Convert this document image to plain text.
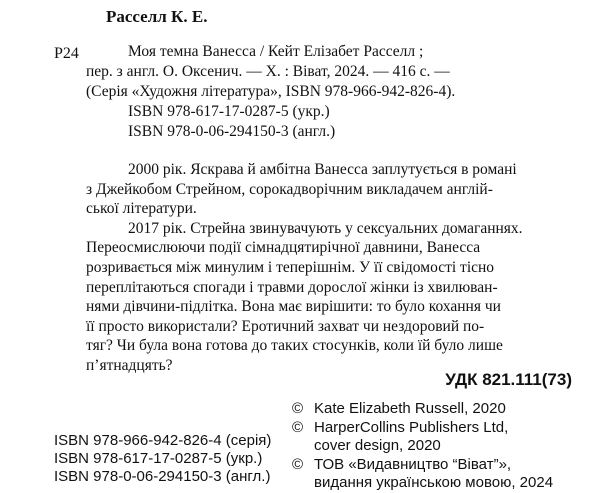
Расселл К. Е.
Р24	Моя темна Ванесса / Кейт Елізабет Расселл ;
пер. з англ. О. Оксенич. — Х. : Віват, 2024. — 416 с. —
(Серія «Художня література», ISBN 978-966-942-826-4).
ISBN 978-617-17-0287-5 (укр.)
ISBN 978-0-06-294150-3 (англ.)
2000 рік. Яскрава й амбітна Ванесса заплутується в романі
з Джейкобом Стрейном, сорокадворічним викладачем англій-
ської літератури.
2017 рік. Стрейна звинувачують у сексуальних домаганнях.
Переосмислюючи події сімнадцятирічної давнини, Ванесса
розривається між минулим і теперішнім. У її свідомості тісно
переплітаються спогади і травми дорослої жінки із хвилюван-
нями дівчини-підлітка. Вона має вирішити: то було кохання чи
її просто використали? Еротичний захват чи нездоровий по-
тяг? Чи була вона готова до таких стосунків, коли їй було лише
п’ятнадцять?
УДК 821.111(73)
© Kate Elizabeth Russell, 2020
© HarperCollins Publishers Ltd,
cover design, 2020
© ТОВ «Видавництво “Віват”»,
видання українською мовою, 2024
ISBN 978-966-942-826-4 (серія)
ISBN 978-617-17-0287-5 (укр.)
ISBN 978-0-06-294150-3 (англ.)
